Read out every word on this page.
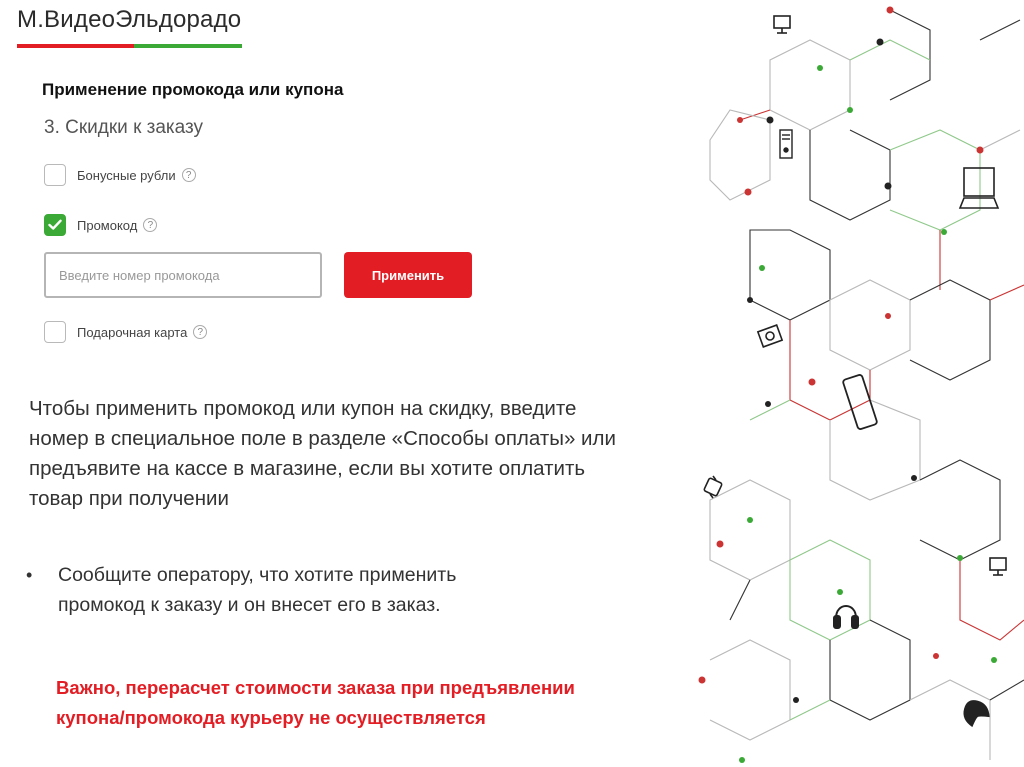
М.ВидеоЭльдорадо
Применение промокода или купона
3. Скидки к заказу
Бонусные рубли	?
Промокод	?
Введите номер промокода
Применить
Подарочная карта	?
Чтобы применить промокод или купон на скидку, введите номер в специальное поле в разделе «Способы оплаты» или предъявите на кассе в магазине, если вы хотите оплатить товар при получении
•	Сообщите оператору, что хотите применить промокод к заказу и он внесет его в заказ.
Важно, перерасчет стоимости заказа при предъявлении купона/промокода курьеру не осуществляется
